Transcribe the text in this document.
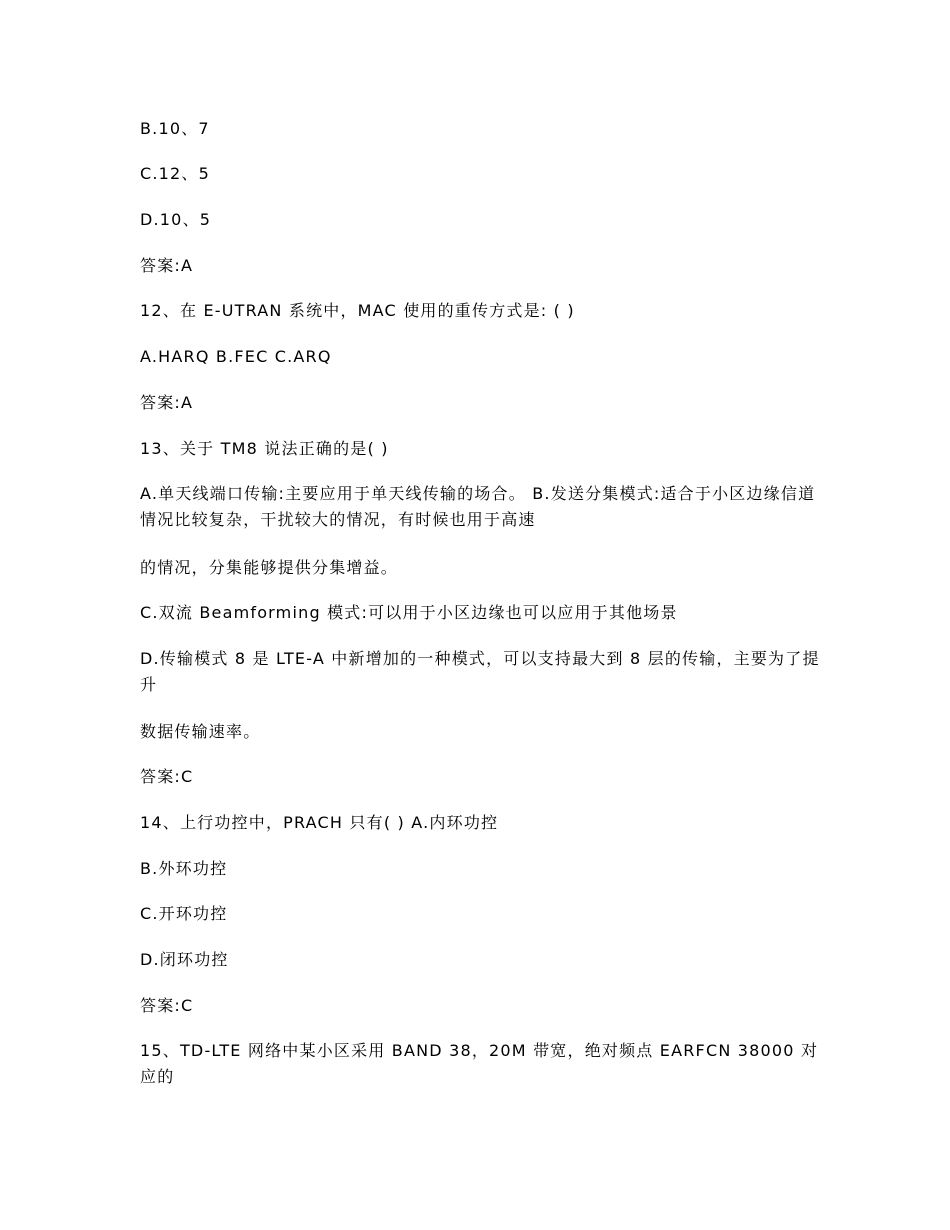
B.10、7

C.12、5

D.10、5

答案:A

12、在 E-UTRAN 系统中，MAC 使用的重传方式是: ( )

A.HARQ B.FEC C.ARQ

答案:A

13、关于 TM8 说法正确的是( )

A.单天线端口传输:主要应用于单天线传输的场合。 B.发送分集模式:适合于小区边缘信道情况比较复杂，干扰较大的情况，有时候也用于高速

的情况，分集能够提供分集增益。

C.双流 Beamforming 模式:可以用于小区边缘也可以应用于其他场景

D.传输模式 8 是 LTE-A 中新增加的一种模式，可以支持最大到 8 层的传输，主要为了提升

数据传输速率。

答案:C

14、上行功控中，PRACH 只有( ) A.内环功控

B.外环功控

C.开环功控

D.闭环功控

答案:C

15、TD-LTE 网络中某小区采用 BAND 38，20M 带宽，绝对频点 EARFCN 38000 对应的
